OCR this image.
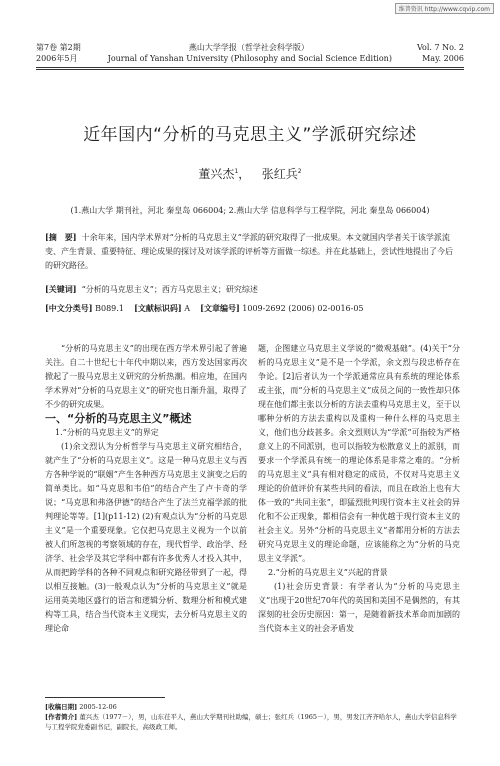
维普资讯 http://www.cqvip.com
第7卷 第2期	燕山大学学报（哲学社会科学版）	Vol. 7 No. 2
2006年5月	Journal of Yanshan University (Philosophy and Social Science Edition)	May. 2006
近年国内“分析的马克思主义”学派研究综述
董兴杰$^1$， 张红兵$^2$
(1.燕山大学 期刊社，河北 秦皇岛 066004; 2.燕山大学 信息科学与工程学院，河北 秦皇岛 066004)
[摘　要] 十余年来，国内学术界对“分析的马克思主义”学派的研究取得了一批成果。本文就国内学者关于该学派流变、产生背景、重要特征、理论成果的探讨及对该学派的评析等方面做一综述。并在此基础上，尝试性地提出了今后的研究路径。
[关键词] “分析的马克思主义”；西方马克思主义；研究综述
[中文分类号] B089.1 [文献标识码] A [文章编号] 1009-2692 (2006) 02-0016-05

“分析的马克思主义”的出现在西方学术界引起了普遍关注。自二十世纪七十年代中期以来，西方发达国家再次掀起了一股马克思主义研究的分析热潮。相应地，在国内学术界对“分析的马克思主义”的研究也日渐升温，取得了不少的研究成果。

一、“分析的马克思主义”概述

1.“分析的马克思主义”的界定

(1)余文烈认为分析哲学与马克思主义研究相结合，就产生了“分析的马克思主义”。这是一种马克思主义与西方各种学说的“联姻”产生各种西方马克思主义演变之后的简单类比。如“马克思和韦伯”的结合产生了卢卡奇的学说；“马克思和弗洛伊德”的结合产生了法兰克福学派的批判理论等等。[1](p11-12) (2)有观点认为“分析的马克思主义”是一个重要现象。它仅把马克思主义视为一个以前被人们所忽视的考察领域的存在，现代哲学、政治学、经济学、社会学及其它学科中都有许多优秀人才投入其中，从而把跨学科的各种不同观点和研究路径带到了一起，得以相互接触。(3)一般观点认为“分析的马克思主义”就是运用英美地区盛行的语言和逻辑分析、数理分析和模式建构等工具，结合当代资本主义现实，去分析马克思主义的理论命

题，企图建立马克思主义学说的“微观基础”。(4)关于“分析的马克思主义”是不是一个学派，余文烈与段忠桥存在争论。[2]后者认为一个学派通常应具有系统的理论体系或主张，而“分析的马克思主义”成员之间的一致性却只体现在他们都主张以分析的方法去重构马克思主义，至于以哪种分析的方法去重构以及重构一种什么样的马克思主义，他们也分歧甚多。余文烈则认为“学派”可指较为严格意义上的不同派别，也可以指较为松散意义上的派别，而要求一个学派具有统一的理论体系是非常之难的。“分析的马克思主义”具有相对稳定的成员，不仅对马克思主义理论的价值评价有某些共同的看法，而且在政治上也有大体一致的“共同主张”，即猛烈批判现行资本主义社会的异化和不公正现象，都相信会有一种优越于现行资本主义的社会主义。另外“分析的马克思主义”者都用分析的方法去研究马克思主义的理论命题，应该能称之为“分析的马克思主义学派”。

2.“分析的马克思主义”兴起的背景

(1)社会历史背景：有学者认为“分析的马克思主义”出现于20世纪70年代的英国和美国不是偶然的，有其深刻的社会历史原因：第一，是随着新技术革命而加剧的当代资本主义的社会矛盾发

[收稿日期] 2005-12-06
[作者简介] 董兴杰（1977－），男，山东茌平人，燕山大学期刊社助编，硕士；张红兵（1965－），男，男发江齐齐哈尔人，燕山大学信息科学与工程学院党委副书记，副院长，高级政工师。
